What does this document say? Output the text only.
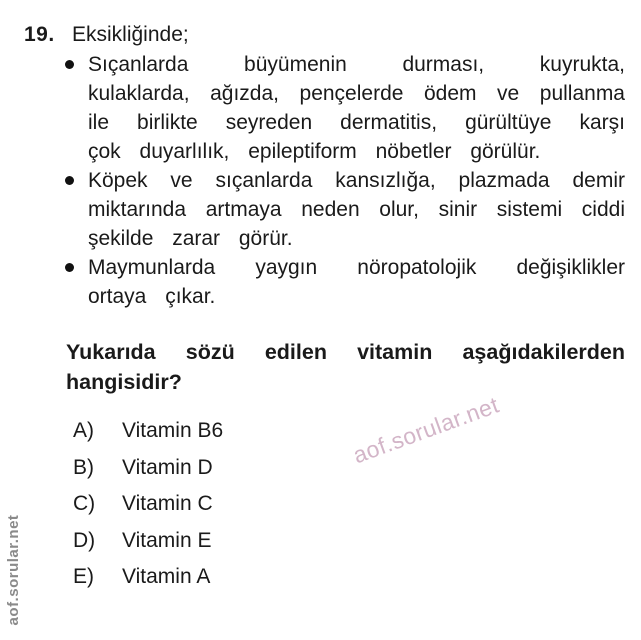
19. Eksikliğinde;

Sıçanlarda büyümenin durması, kuyrukta, kulaklarda, ağızda, pençelerde ödem ve pullanma ile birlikte seyreden dermatitis, gürültüye karşı çok duyarlılık, epileptiform nöbetler görülür.

Köpek ve sıçanlarda kansızlığa, plazmada demir miktarında artmaya neden olur, sinir sistemi ciddi şekilde zarar görür.

Maymunlarda yaygın nöropatolojik değişiklikler ortaya çıkar.

Yukarıda sözü edilen vitamin aşağıdakilerden hangisidir?

A)	Vitamin B6
B)	Vitamin D
C)	Vitamin C
D)	Vitamin E
E)	Vitamin A
aof.sorular.net
aof.sorular.net
